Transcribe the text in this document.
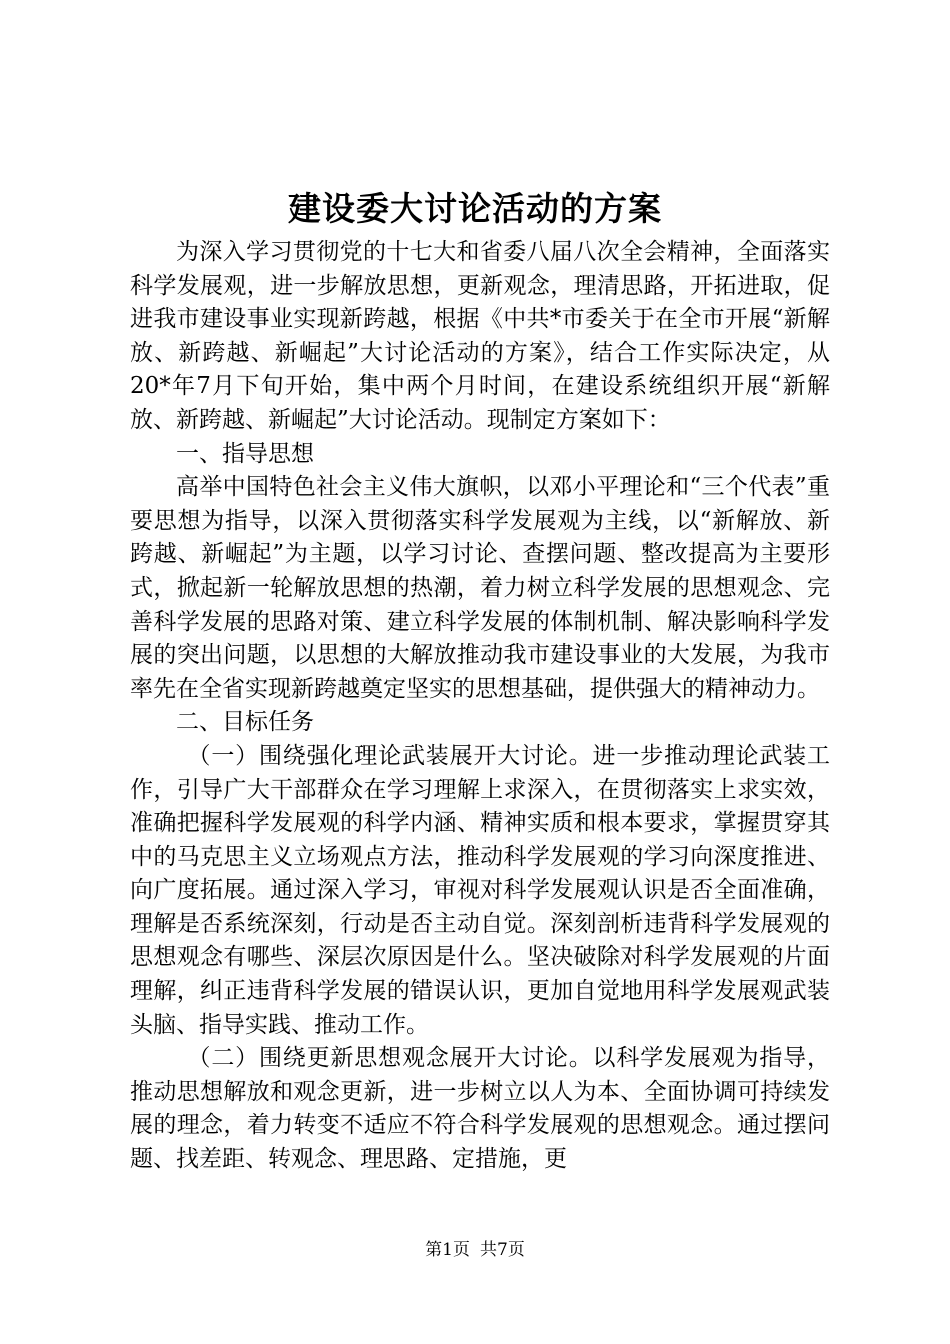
建设委大讨论活动的方案

为深入学习贯彻党的十七大和省委八届八次全会精神，全面落实科学发展观，进一步解放思想，更新观念，理清思路，开拓进取，促进我市建设事业实现新跨越，根据《中共*市委关于在全市开展“新解放、新跨越、新崛起”大讨论活动的方案》，结合工作实际决定，从20*年7月下旬开始，集中两个月时间，在建设系统组织开展“新解放、新跨越、新崛起”大讨论活动。现制定方案如下：

一、指导思想

高举中国特色社会主义伟大旗帜，以邓小平理论和“三个代表”重要思想为指导，以深入贯彻落实科学发展观为主线，以“新解放、新跨越、新崛起”为主题，以学习讨论、查摆问题、整改提高为主要形式，掀起新一轮解放思想的热潮，着力树立科学发展的思想观念、完善科学发展的思路对策、建立科学发展的体制机制、解决影响科学发展的突出问题，以思想的大解放推动我市建设事业的大发展，为我市率先在全省实现新跨越奠定坚实的思想基础，提供强大的精神动力。

二、目标任务

（一）围绕强化理论武装展开大讨论。进一步推动理论武装工作，引导广大干部群众在学习理解上求深入，在贯彻落实上求实效，准确把握科学发展观的科学内涵、精神实质和根本要求，掌握贯穿其中的马克思主义立场观点方法，推动科学发展观的学习向深度推进、向广度拓展。通过深入学习，审视对科学发展观认识是否全面准确，理解是否系统深刻，行动是否主动自觉。深刻剖析违背科学发展观的思想观念有哪些、深层次原因是什么。坚决破除对科学发展观的片面理解，纠正违背科学发展的错误认识，更加自觉地用科学发展观武装头脑、指导实践、推动工作。

（二）围绕更新思想观念展开大讨论。以科学发展观为指导，推动思想解放和观念更新，进一步树立以人为本、全面协调可持续发展的理念，着力转变不适应不符合科学发展观的思想观念。通过摆问题、找差距、转观念、理思路、定措施，更

第1页 共7页
